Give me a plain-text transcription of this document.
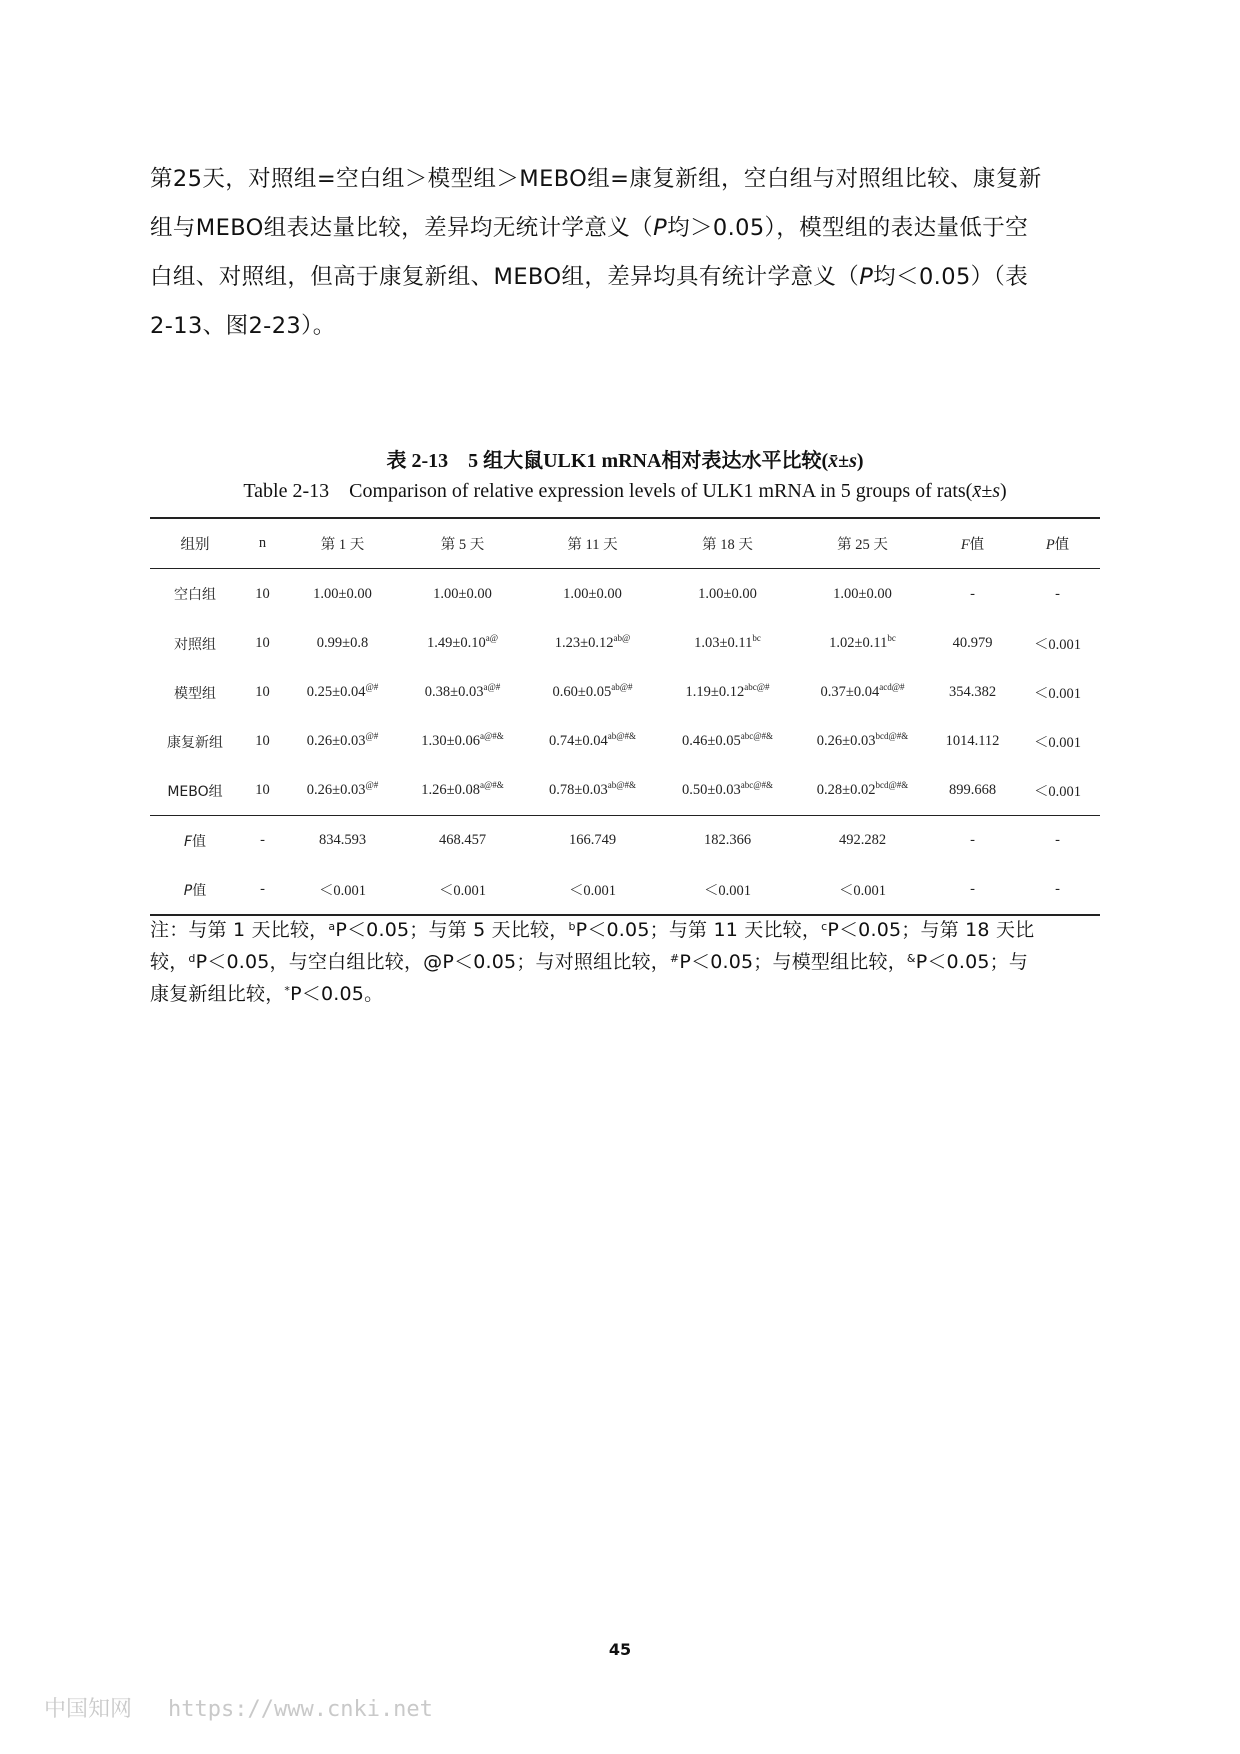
第25天，对照组=空白组＞模型组＞MEBO组=康复新组，空白组与对照组比较、康复新
组与MEBO组表达量比较，差异均无统计学意义（P均＞0.05），模型组的表达量低于空
白组、对照组，但高于康复新组、MEBO组，差异均具有统计学意义（P均＜0.05）（表
2-13、图2-23）。
表 2-13　5 组大鼠ULK1 mRNA相对表达水平比较(x̄±s)
Table 2-13　Comparison of relative expression levels of ULK1 mRNA in 5 groups of rats(x̄±s)
组别	n	第 1 天	第 5 天	第 11 天	第 18 天	第 25 天	F值	P值
空白组	10	1.00±0.00	1.00±0.00	1.00±0.00	1.00±0.00	1.00±0.00	-	-
对照组	10	0.99±0.8	$1.49\pm 0.10^{a@}$	$1.23\pm 0.12^{ab@}$	1.03±0.11$^{bc}$	1.02±0.11$^{bc}$	40.979	＜0.001
模型组	10	0.25±0.04@#	$0.38\pm 0.03^{a@\#}$	$0.60\pm 0.05^{ab@\#}$	$1.19\pm 0.12^{abc@\#}$	$0.37\pm 0.04^{acd@\#}$	354.382	＜0.001
康复新组	10	0.26±0.03@#	$1.30\pm 0.06^{a@\#\&}$	$0.74\pm 0.04^{ab@\#\&}$	$0.46\pm 0.05^{abc@\#\&}$	$0.26\pm 0.03^{bcd@\#\&}$	1014.112	＜0.001
MEBO组	10	0.26±0.03@#	$1.26\pm 0.08^{a@\#\&}$	$0.78\pm 0.03^{ab@\#\&}$	$0.50\pm 0.03^{abc@\#\&}$	$0.28\pm 0.02^{bcd@\#\&}$	899.668	＜0.001
F值	-	834.593	468.457	166.749	182.366	492.282	-	-
P值	-	＜0.001	＜0.001	＜0.001	＜0.001	＜0.001	-	-
注：与第 1 天比较，$^a$P＜0.05；与第 5 天比较，$^b$P＜0.05；与第 11 天比较，$^c$P＜0.05；与第 18 天比
较，$^d$P＜0.05，与空白组比较，@P＜0.05；与对照组比较，#P＜0.05；与模型组比较，&P＜0.05；与
康复新组比较，*P＜0.05。
45
中国知网 https://www.cnki.net
